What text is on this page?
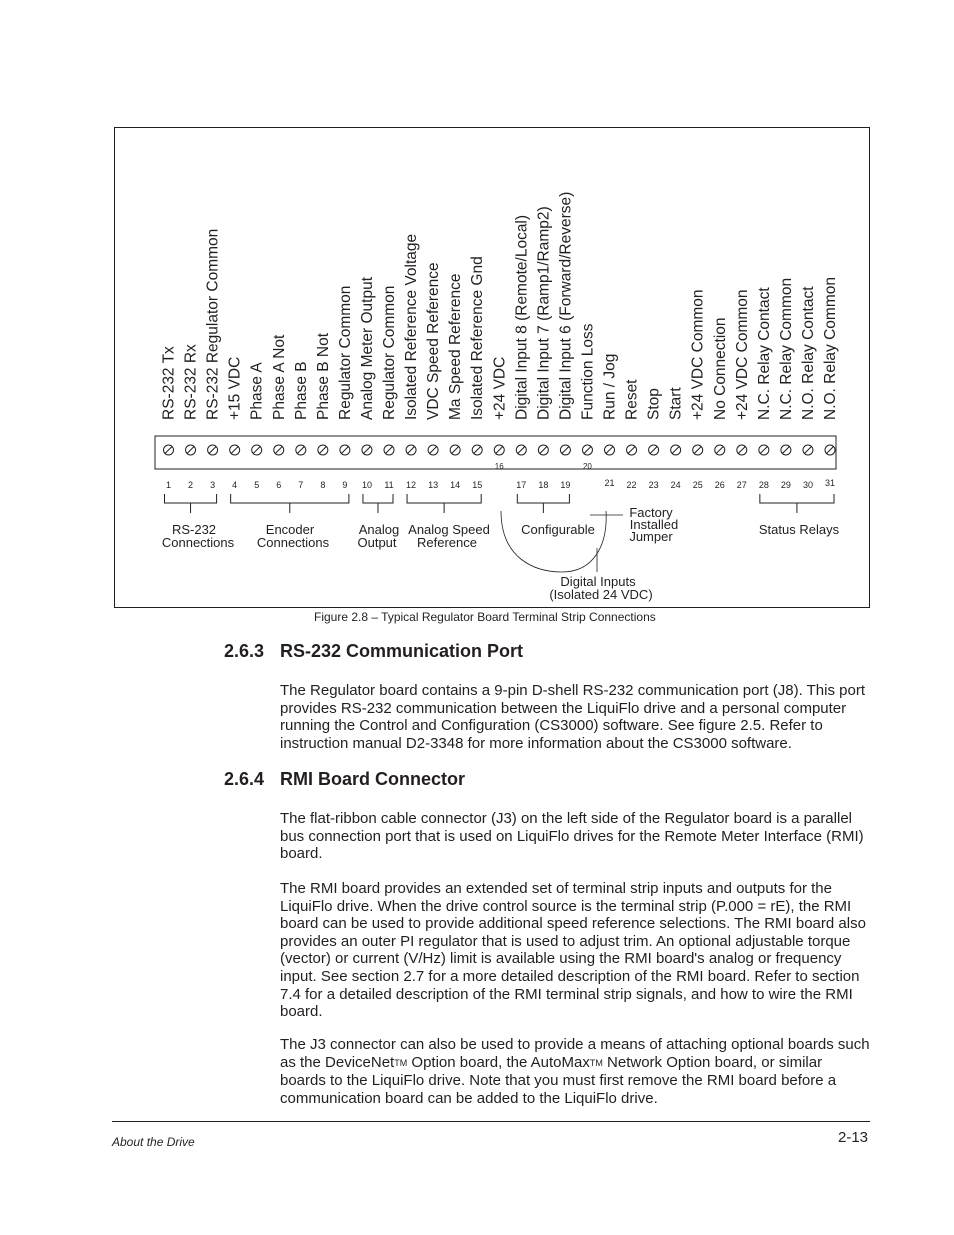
RS-232 Tx RS-232 Rx RS-232 Regulator Common +15 VDC Phase A Phase A Not Phase B Phase B Not Regulator Common Analog Meter Output Regulator Common Isolated Reference Voltage VDC Speed Reference Ma Speed Reference Isolated Reference Gnd +24 VDC Digital Input 8 (Remote/Local) Digital Input 7 (Ramp1/Ramp2) Digital Input 6 (Forward/Reverse) Function Loss Run / Jog Reset Stop Start +24 VDC Common No Connection +24 VDC Common N.C. Relay Contact N.C. Relay Common N.O. Relay Contact N.O. Relay Common
1 2 3 4 5 6 7 8 9 10 11 12 13 14 15
16
17 18 19
20
21 22 23 24 25 26 27 28 29 30 31
RS-232
Connections
Encoder
Connections
Analog
Output
Analog Speed
Reference
Configurable
Factory
Installed
Jumper	Status Relays
Digital Inputs
(Isolated 24 VDC)
Figure 2.8 – Typical Regulator Board Terminal Strip Connections
2.6.3 RS-232 Communication Port

The Regulator board contains a 9-pin D-shell RS-232 communication port (J8). This port provides RS-232 communication between the LiquiFlo drive and a personal computer running the Control and Configuration (CS3000) software. See figure 2.5. Refer to instruction manual D2-3348 for more information about the CS3000 software.

2.6.4 RMI Board Connector

The flat-ribbon cable connector (J3) on the left side of the Regulator board is a parallel bus connection port that is used on LiquiFlo drives for the Remote Meter Interface (RMI) board.

The RMI board provides an extended set of terminal strip inputs and outputs for the LiquiFlo drive. When the drive control source is the terminal strip (P.000 = rE), the RMI board can be used to provide additional speed reference selections. The RMI board also provides an outer PI regulator that is used to adjust trim. An optional adjustable torque (vector) or current (V/Hz) limit is available using the RMI board's analog or frequency input. See section 2.7 for a more detailed description of the RMI board. Refer to section 7.4 for a detailed description of the RMI terminal strip signals, and how to wire the RMI board.

The J3 connector can also be used to provide a means of attaching optional boards such as the DeviceNet™ Option board, the AutoMax™ Network Option board, or similar boards to the LiquiFlo drive. Note that you must first remove the RMI board before a communication board can be added to the LiquiFlo drive.

About the Drive	2-13
